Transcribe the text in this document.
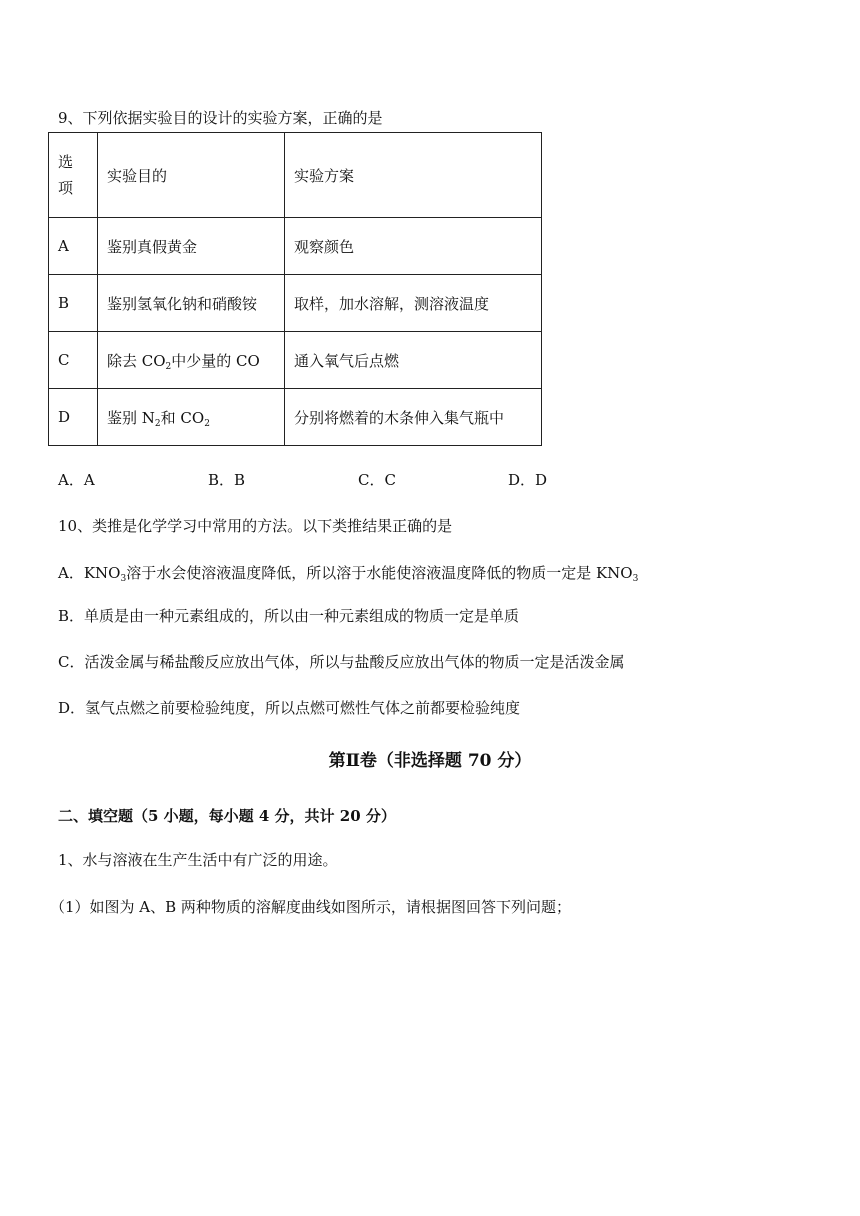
9、下列依据实验目的设计的实验方案，正确的是
选
项	实验目的	实验方案
A	鉴别真假黄金	观察颜色
B	鉴别氢氧化钠和硝酸铵	取样，加水溶解，测溶液温度
C	除去 $CO_2$中少量的 CO	通入氧气后点燃
D	鉴别 $N_2$和 $CO_2$	分别将燃着的木条伸入集气瓶中
A．A	B．B	C．C	D．D
10、类推是化学学习中常用的方法。以下类推结果正确的是
A．$KNO_3$溶于水会使溶液温度降低，所以溶于水能使溶液温度降低的物质一定是 $KNO_3$
B．单质是由一种元素组成的，所以由一种元素组成的物质一定是单质
C．活泼金属与稀盐酸反应放出气体，所以与盐酸反应放出气体的物质一定是活泼金属
D．氢气点燃之前要检验纯度，所以点燃可燃性气体之前都要检验纯度
第Ⅱ卷（非选择题 70 分）
二、填空题（5 小题，每小题 4 分，共计 20 分）
1、水与溶液在生产生活中有广泛的用途。
（1）如图为 A、B 两种物质的溶解度曲线如图所示，请根据图回答下列问题；
